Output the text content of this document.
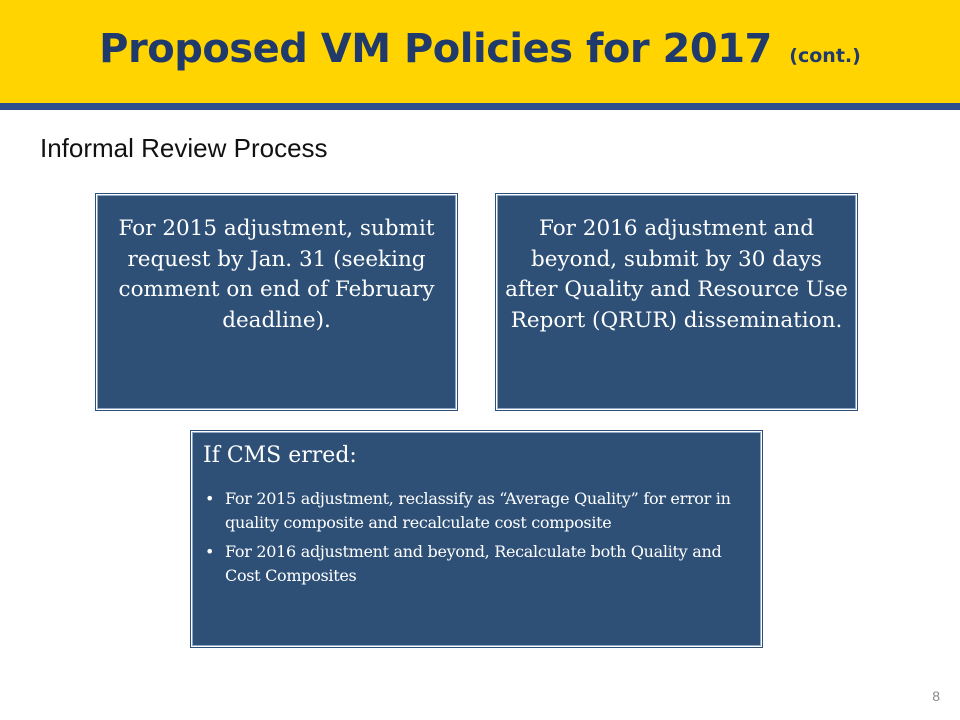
Proposed VM Policies for 2017 (cont.)
Informal Review Process
For 2015 adjustment, submit request by Jan. 31 (seeking comment on end of February deadline).
For 2016 adjustment and beyond, submit by 30 days after Quality and Resource Use Report (QRUR) dissemination.
If CMS erred:
• For 2015 adjustment, reclassify as “Average Quality” for error in quality composite and recalculate cost composite
• For 2016 adjustment and beyond, Recalculate both Quality and Cost Composites
8
